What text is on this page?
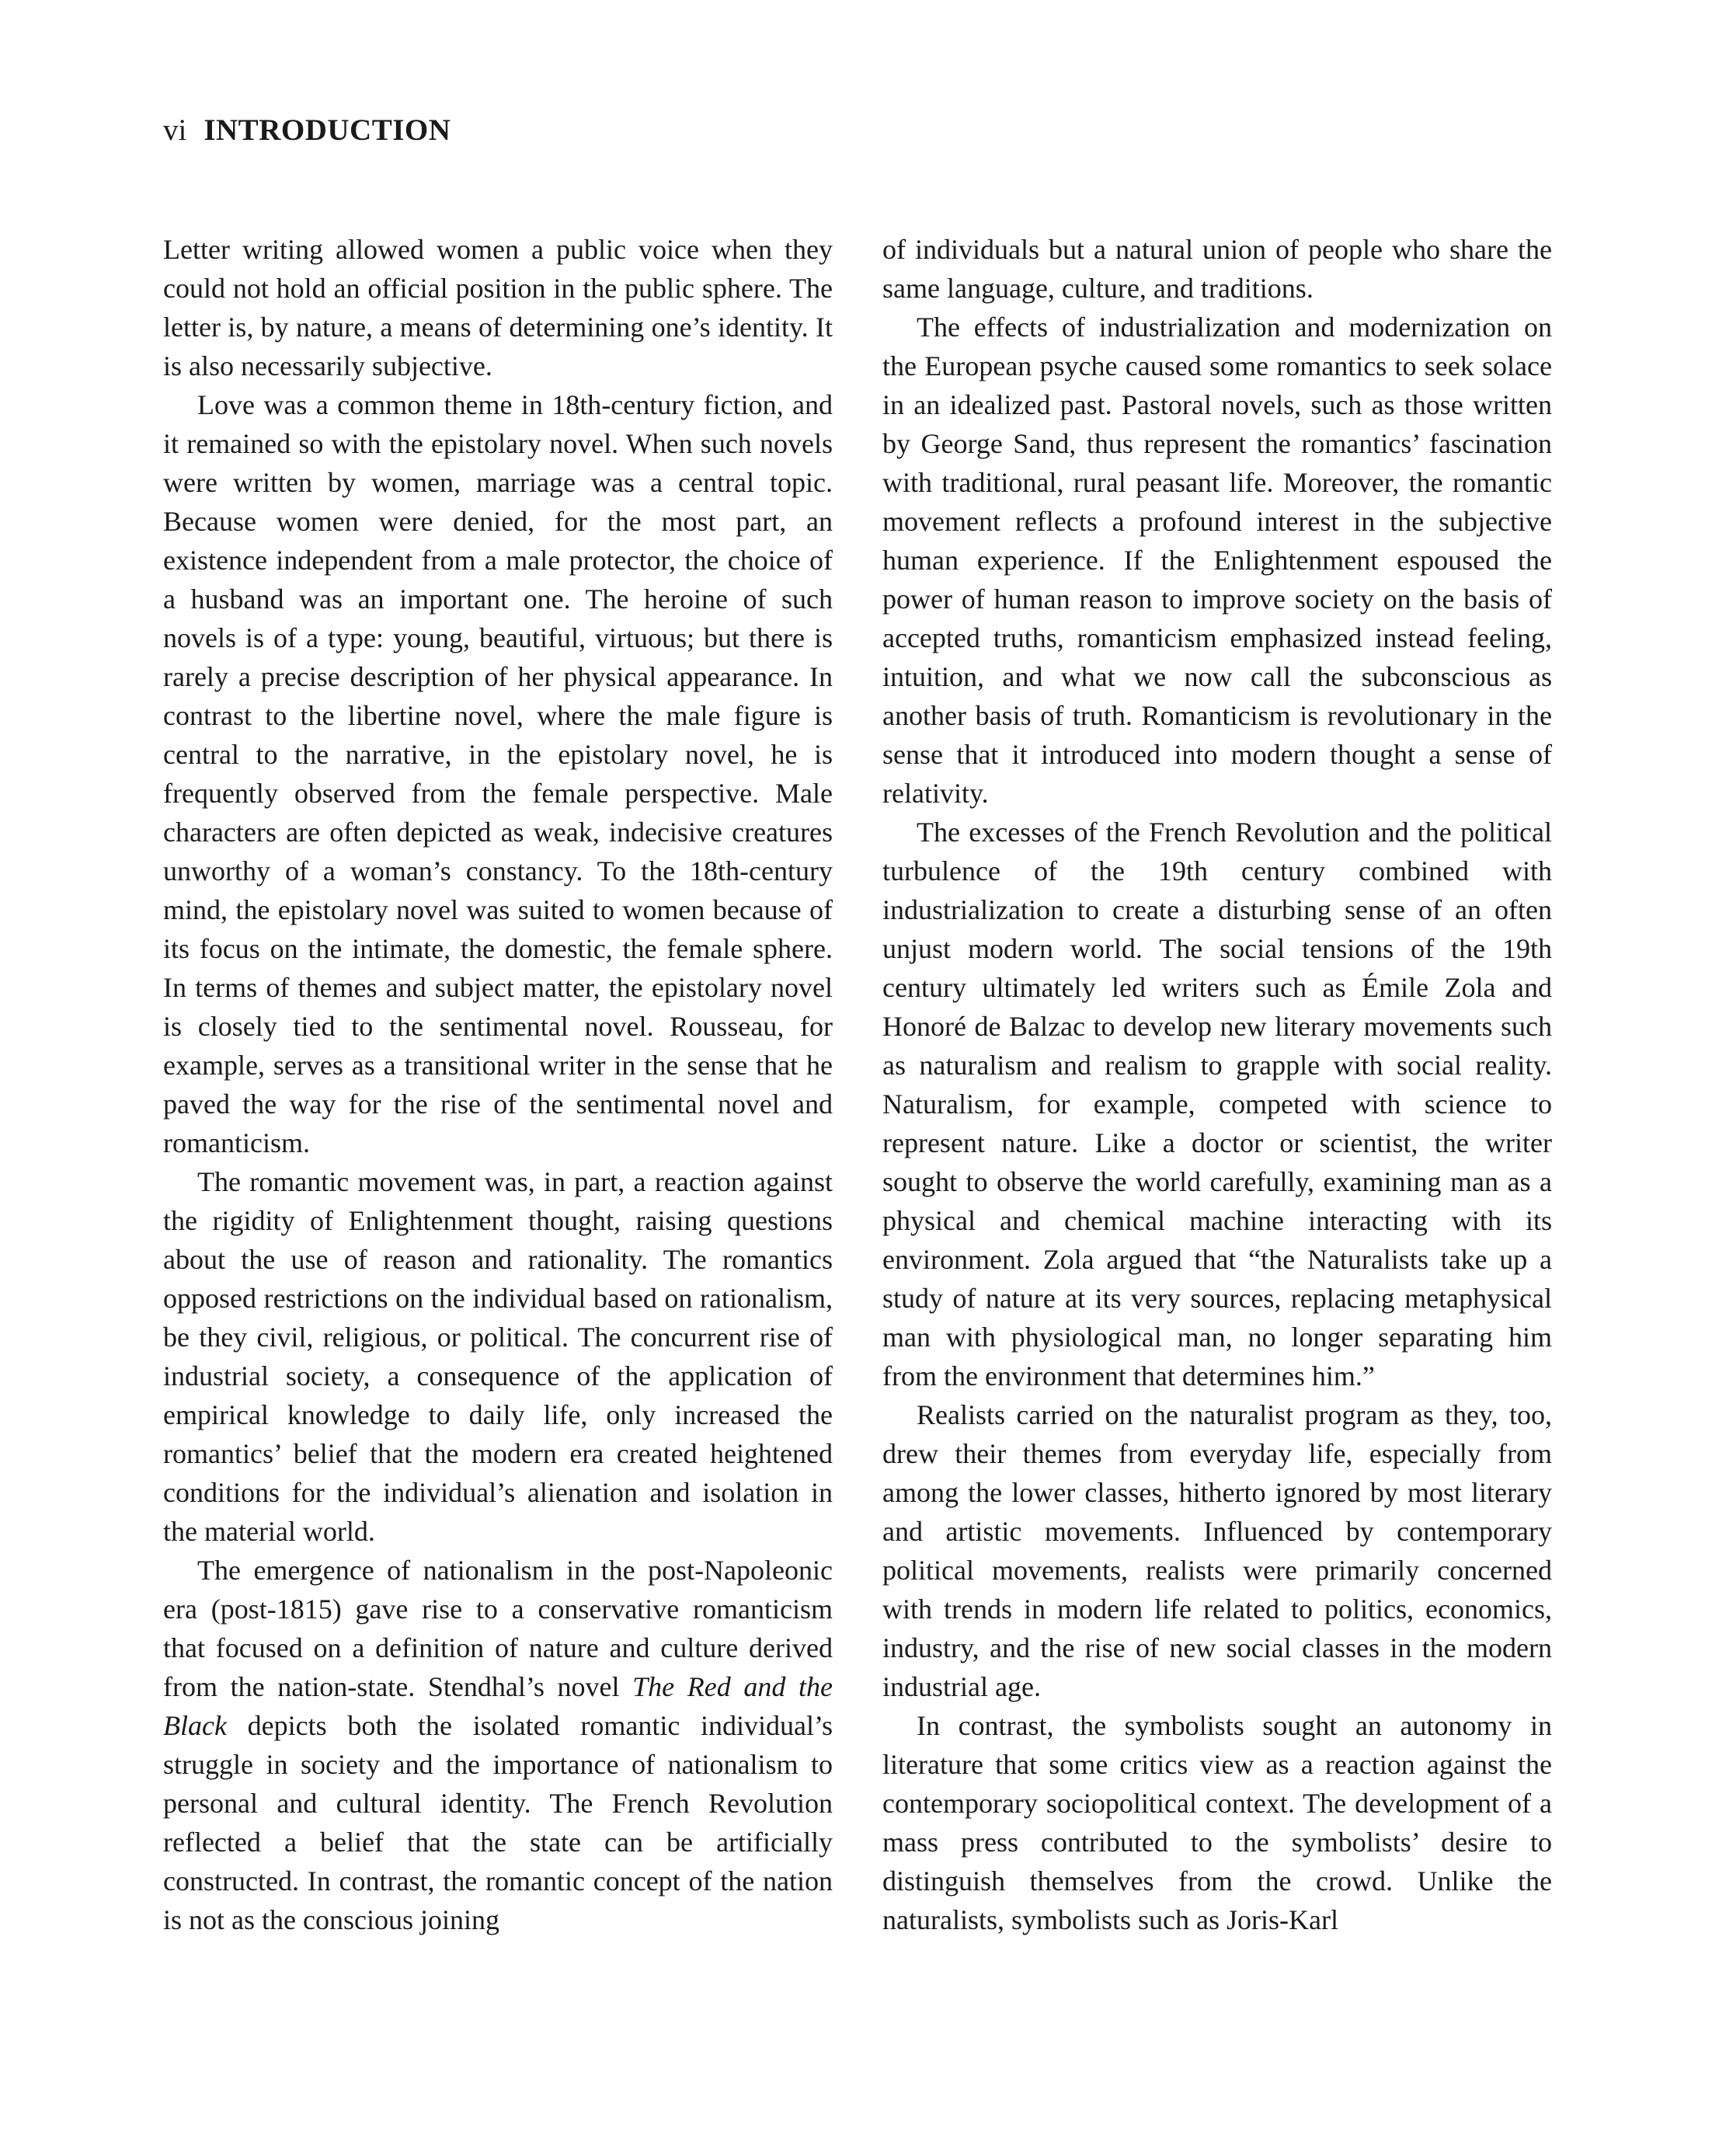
vi INTRODUCTION

Letter writing allowed women a public voice when they could not hold an official position in the public sphere. The letter is, by nature, a means of determining one’s identity. It is also necessarily subjective.

Love was a common theme in 18th-century fiction, and it remained so with the epistolary novel. When such novels were written by women, marriage was a central topic. Because women were denied, for the most part, an existence independent from a male protector, the choice of a husband was an important one. The heroine of such novels is of a type: young, beautiful, virtuous; but there is rarely a precise description of her physical appearance. In contrast to the libertine novel, where the male figure is central to the narrative, in the epistolary novel, he is frequently observed from the female perspective. Male characters are often depicted as weak, indecisive creatures unworthy of a woman’s constancy. To the 18th-century mind, the epistolary novel was suited to women because of its focus on the intimate, the domestic, the female sphere. In terms of themes and subject matter, the epistolary novel is closely tied to the sentimental novel. Rousseau, for example, serves as a transitional writer in the sense that he paved the way for the rise of the sentimental novel and romanticism.

The romantic movement was, in part, a reaction against the rigidity of Enlightenment thought, raising questions about the use of reason and rationality. The romantics opposed restrictions on the individual based on rationalism, be they civil, religious, or political. The concurrent rise of industrial society, a consequence of the application of empirical knowledge to daily life, only increased the romantics’ belief that the modern era created heightened conditions for the individual’s alienation and isolation in the material world.

The emergence of nationalism in the post-Napoleonic era (post-1815) gave rise to a conservative romanticism that focused on a definition of nature and culture derived from the nation-state. Stendhal’s novel The Red and the Black depicts both the isolated romantic individual’s struggle in society and the importance of nationalism to personal and cultural identity. The French Revolution reflected a belief that the state can be artificially constructed. In contrast, the romantic concept of the nation is not as the conscious joining

of individuals but a natural union of people who share the same language, culture, and traditions.

The effects of industrialization and modernization on the European psyche caused some romantics to seek solace in an idealized past. Pastoral novels, such as those written by George Sand, thus represent the romantics’ fascination with traditional, rural peasant life. Moreover, the romantic movement reflects a profound interest in the subjective human experience. If the Enlightenment espoused the power of human reason to improve society on the basis of accepted truths, romanticism emphasized instead feeling, intuition, and what we now call the subconscious as another basis of truth. Romanticism is revolutionary in the sense that it introduced into modern thought a sense of relativity.

The excesses of the French Revolution and the political turbulence of the 19th century combined with industrialization to create a disturbing sense of an often unjust modern world. The social tensions of the 19th century ultimately led writers such as Émile Zola and Honoré de Balzac to develop new literary movements such as naturalism and realism to grapple with social reality. Naturalism, for example, competed with science to represent nature. Like a doctor or scientist, the writer sought to observe the world carefully, examining man as a physical and chemical machine interacting with its environment. Zola argued that “the Naturalists take up a study of nature at its very sources, replacing metaphysical man with physiological man, no longer separating him from the environment that determines him.”

Realists carried on the naturalist program as they, too, drew their themes from everyday life, especially from among the lower classes, hitherto ignored by most literary and artistic movements. Influenced by contemporary political movements, realists were primarily concerned with trends in modern life related to politics, economics, industry, and the rise of new social classes in the modern industrial age.

In contrast, the symbolists sought an autonomy in literature that some critics view as a reaction against the contemporary sociopolitical context. The development of a mass press contributed to the symbolists’ desire to distinguish themselves from the crowd. Unlike the naturalists, symbolists such as Joris-Karl
